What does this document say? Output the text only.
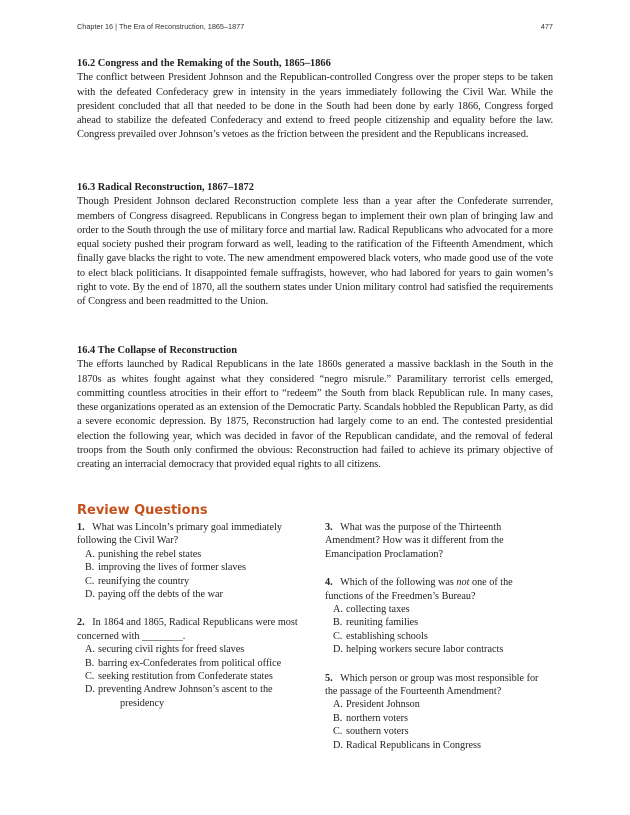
Chapter 16 | The Era of Reconstruction, 1865–1877	477
16.2 Congress and the Remaking of the South, 1865–1866

The conflict between President Johnson and the Republican-controlled Congress over the proper steps to be taken with the defeated Confederacy grew in intensity in the years immediately following the Civil War. While the president concluded that all that needed to be done in the South had been done by early 1866, Congress forged ahead to stabilize the defeated Confederacy and extend to freed people citizenship and equality before the law. Congress prevailed over Johnson’s vetoes as the friction between the president and the Republicans increased.

16.3 Radical Reconstruction, 1867–1872

Though President Johnson declared Reconstruction complete less than a year after the Confederate surrender, members of Congress disagreed. Republicans in Congress began to implement their own plan of bringing law and order to the South through the use of military force and martial law. Radical Republicans who advocated for a more equal society pushed their program forward as well, leading to the ratification of the Fifteenth Amendment, which finally gave blacks the right to vote. The new amendment empowered black voters, who made good use of the vote to elect black politicians. It disappointed female suffragists, however, who had labored for years to gain women’s right to vote. By the end of 1870, all the southern states under Union military control had satisfied the requirements of Congress and been readmitted to the Union.

16.4 The Collapse of Reconstruction

The efforts launched by Radical Republicans in the late 1860s generated a massive backlash in the South in the 1870s as whites fought against what they considered “negro misrule.” Paramilitary terrorist cells emerged, committing countless atrocities in their effort to “redeem” the South from black Republican rule. In many cases, these organizations operated as an extension of the Democratic Party. Scandals hobbled the Republican Party, as did a severe economic depression. By 1875, Reconstruction had largely come to an end. The contested presidential election the following year, which was decided in favor of the Republican candidate, and the removal of federal troops from the South only confirmed the obvious: Reconstruction had failed to achieve its primary objective of creating an interracial democracy that provided equal rights to all citizens.

Review Questions

1. What was Lincoln’s primary goal immediately following the Civil War?

A. punishing the rebel states
B. improving the lives of former slaves
C. reunifying the country
D. paying off the debts of the war

2. In 1864 and 1865, Radical Republicans were most concerned with ________.

A. securing civil rights for freed slaves
B. barring ex-Confederates from political office
C. seeking restitution from Confederate states
D. preventing Andrew Johnson’s ascent to the presidency

3. What was the purpose of the Thirteenth Amendment? How was it different from the Emancipation Proclamation?

4. Which of the following was not one of the functions of the Freedmen’s Bureau?

A. collecting taxes
B. reuniting families
C. establishing schools
D. helping workers secure labor contracts

5. Which person or group was most responsible for the passage of the Fourteenth Amendment?

A. President Johnson
B. northern voters
C. southern voters
D. Radical Republicans in Congress
